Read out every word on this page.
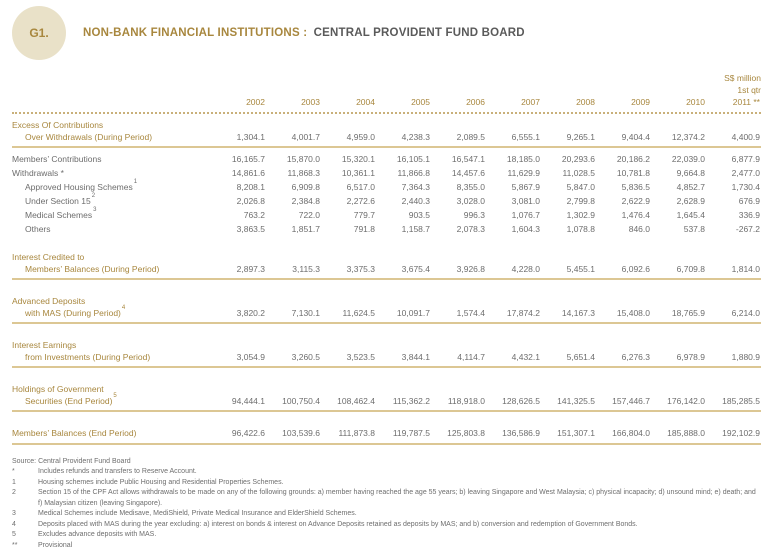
G1.	NON-BANK FINANCIAL INSTITUTIONS : CENTRAL PROVIDENT FUND BOARD
S$ million
1st qtr
2002	2003	2004	2005	2006	2007	2008	2009	2010	2011 **
Excess Of Contributions
Over Withdrawals (During Period)	1,304.1	4,001.7	4,959.0	4,238.3	2,089.5	6,555.1	9,265.1	9,404.4	12,374.2	4,400.9
Members’ Contributions	16,165.7	15,870.0	15,320.1	16,105.1	16,547.1	18,185.0	20,293.6	20,186.2	22,039.0	6,877.9
Withdrawals *	14,861.6	11,868.3	10,361.1	11,866.8	14,457.6	11,629.9	11,028.5	10,781.8	9,664.8	2,477.0
Approved Housing Schemes$^1$	8,208.1	6,909.8	6,517.0	7,364.3	8,355.0	5,867.9	5,847.0	5,836.5	4,852.7	1,730.4
Under Section $15^2$	2,026.8	2,384.8	2,272.6	2,440.3	3,028.0	3,081.0	2,799.8	2,622.9	2,628.9	676.9
Medical Schemes$^3$	763.2	722.0	779.7	903.5	996.3	1,076.7	1,302.9	1,476.4	1,645.4	336.9
Others	3,863.5	1,851.7	791.8	1,158.7	2,078.3	1,604.3	1,078.8	846.0	537.8	-267.2
Interest Credited to
Members’ Balances (During Period)	2,897.3	3,115.3	3,375.3	3,675.4	3,926.8	4,228.0	5,455.1	6,092.6	6,709.8	1,814.0
Advanced Deposits
with MAS (During Period)$^4$	3,820.2	7,130.1	11,624.5	10,091.7	1,574.4	17,874.2	14,167.3	15,408.0	18,765.9	6,214.0
Interest Earnings
from Investments (During Period)	3,054.9	3,260.5	3,523.5	3,844.1	4,114.7	4,432.1	5,651.4	6,276.3	6,978.9	1,880.9
Holdings of Government
Securities (End Period)$^5$	94,444.1	100,750.4	108,462.4	115,362.2	118,918.0	128,626.5	141,325.5	157,446.7	176,142.0	185,285.5
Members’ Balances (End Period)	96,422.6	103,539.6	111,873.8	119,787.5	125,803.8	136,586.9	151,307.1	166,804.0	185,888.0	192,102.9
Source: Central Provident Fund Board
*	Includes refunds and transfers to Reserve Account.
1	Housing schemes include Public Housing and Residential Properties Schemes.
2	Section 15 of the CPF Act allows withdrawals to be made on any of the following grounds: a) member having reached the age 55 years; b) leaving Singapore and West Malaysia; c) physical incapacity; d) unsound mind; e) death; and f) Malaysian citizen (leaving Singapore).
3	Medical Schemes include Medisave, MediShield, Private Medical Insurance and ElderShield Schemes.
4	Deposits placed with MAS during the year excluding: a) interest on bonds & interest on Advance Deposits retained as deposits by MAS; and b) conversion and redemption of Government Bonds.
5	Excludes advance deposits with MAS.
**	Provisional
